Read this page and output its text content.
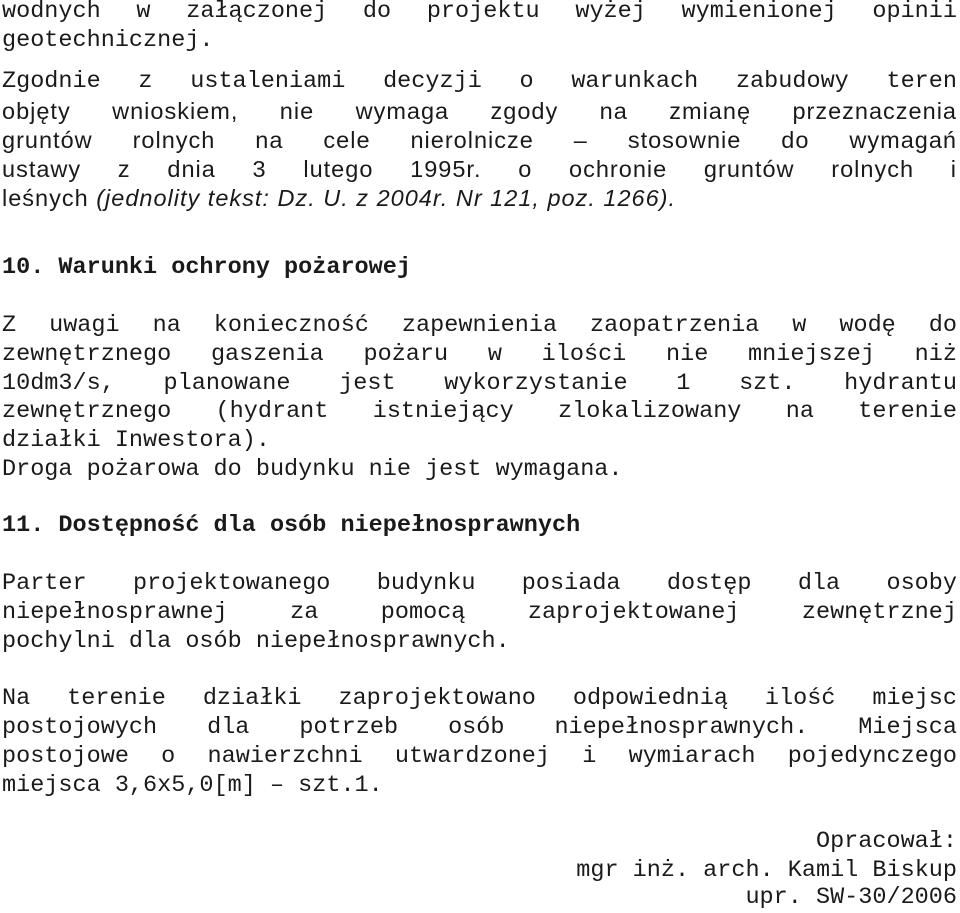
wodnych w załączonej do projektu wyżej wymienionej opinii
geotechnicznej.
Zgodnie z ustaleniami decyzji o warunkach zabudowy teren
objęty wnioskiem, nie wymaga zgody na zmianę przeznaczenia
gruntów rolnych na cele nierolnicze – stosownie do wymagań
ustawy z dnia 3 lutego 1995r. o ochronie gruntów rolnych i
leśnych (jednolity tekst: Dz. U. z 2004r. Nr 121, poz. 1266).
10. Warunki ochrony pożarowej
Z uwagi na konieczność zapewnienia zaopatrzenia w wodę do
zewnętrznego gaszenia pożaru w ilości nie mniejszej niż
10dm3/s, planowane jest wykorzystanie 1 szt. hydrantu
zewnętrznego (hydrant istniejący zlokalizowany na terenie
działki Inwestora).
Droga pożarowa do budynku nie jest wymagana.
11. Dostępność dla osób niepełnosprawnych
Parter projektowanego budynku posiada dostęp dla osoby
niepełnosprawnej za pomocą zaprojektowanej zewnętrznej
pochylni dla osób niepełnosprawnych.
Na terenie działki zaprojektowano odpowiednią ilość miejsc
postojowych dla potrzeb osób niepełnosprawnych. Miejsca
postojowe o nawierzchni utwardzonej i wymiarach pojedynczego
miejsca 3,6x5,0[m] – szt.1.
Opracował:
mgr inż. arch. Kamil Biskup
upr. SW-30/2006
